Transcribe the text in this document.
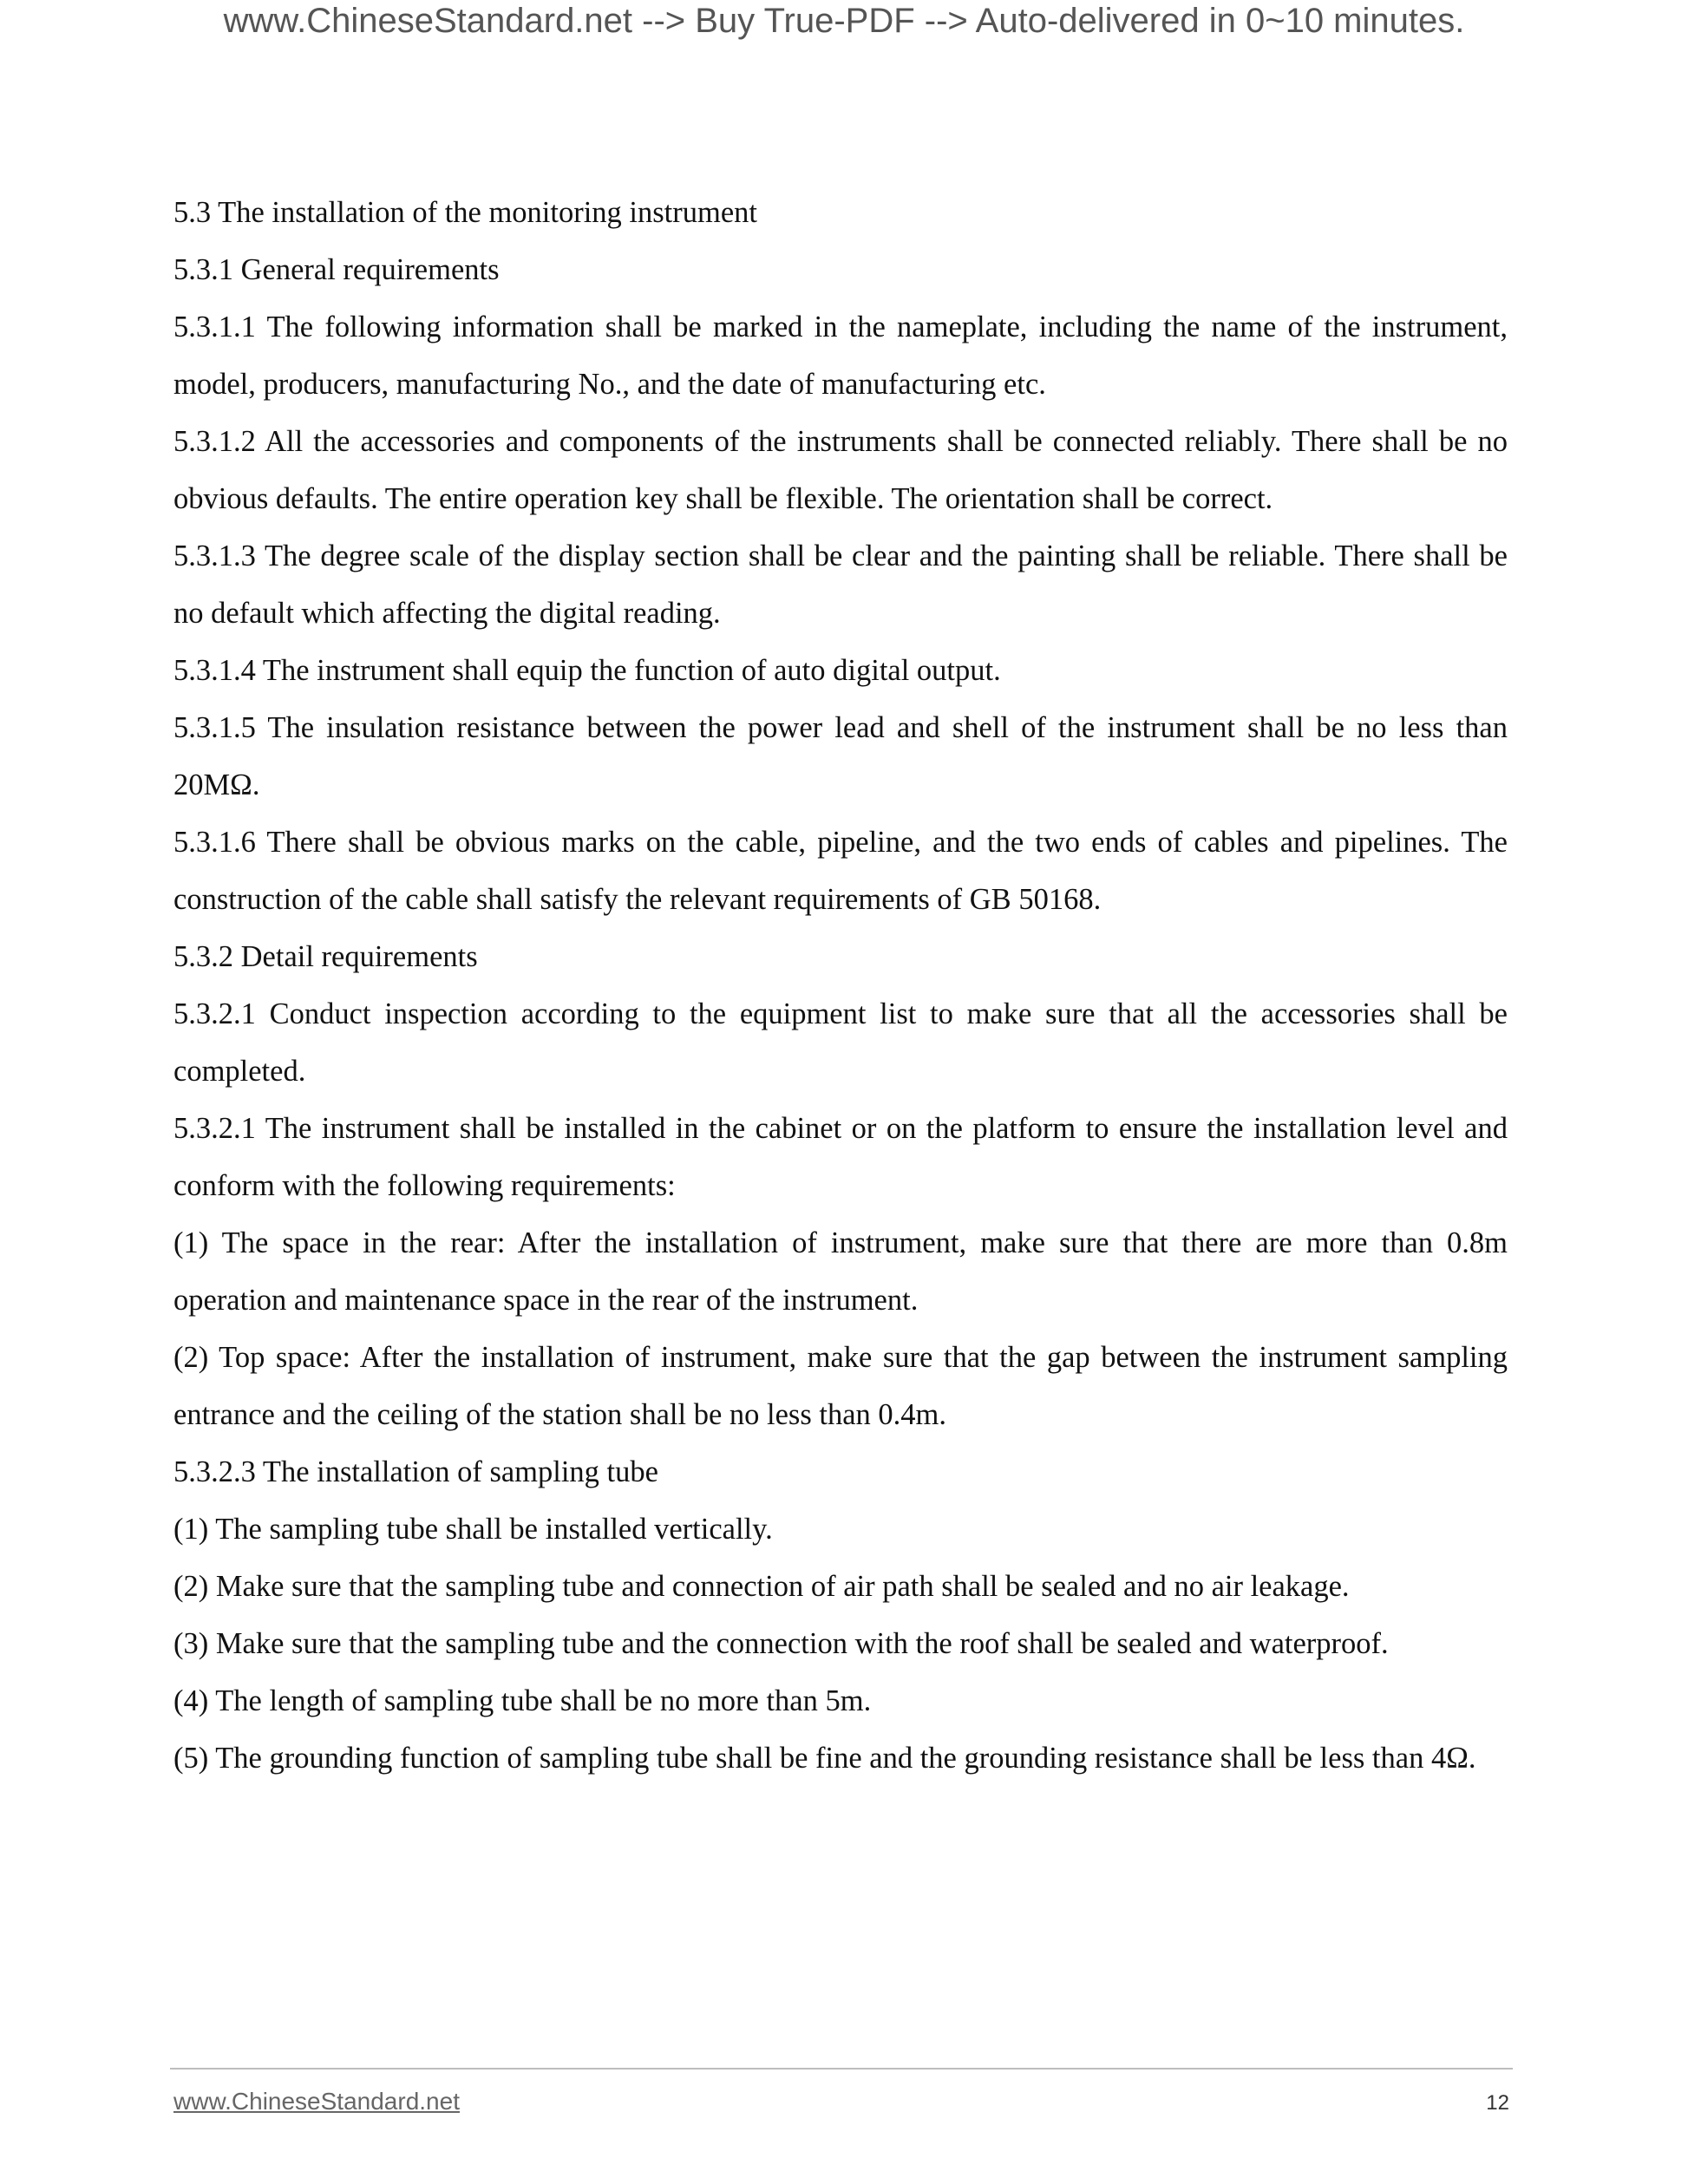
www.ChineseStandard.net --> Buy True-PDF --> Auto-delivered in 0~10 minutes.

5.3 The installation of the monitoring instrument

5.3.1 General requirements

5.3.1.1 The following information shall be marked in the nameplate, including the name of the instrument, model, producers, manufacturing No., and the date of manufacturing etc.

5.3.1.2 All the accessories and components of the instruments shall be connected reliably. There shall be no obvious defaults. The entire operation key shall be flexible. The orientation shall be correct.

5.3.1.3 The degree scale of the display section shall be clear and the painting shall be reliable. There shall be no default which affecting the digital reading.

5.3.1.4 The instrument shall equip the function of auto digital output.

5.3.1.5 The insulation resistance between the power lead and shell of the instrument shall be no less than 20MΩ.

5.3.1.6 There shall be obvious marks on the cable, pipeline, and the two ends of cables and pipelines. The construction of the cable shall satisfy the relevant requirements of GB 50168.

5.3.2 Detail requirements

5.3.2.1 Conduct inspection according to the equipment list to make sure that all the accessories shall be completed.

5.3.2.1 The instrument shall be installed in the cabinet or on the platform to ensure the installation level and conform with the following requirements:

(1) The space in the rear: After the installation of instrument, make sure that there are more than 0.8m operation and maintenance space in the rear of the instrument.

(2) Top space: After the installation of instrument, make sure that the gap between the instrument sampling entrance and the ceiling of the station shall be no less than 0.4m.

5.3.2.3 The installation of sampling tube

(1) The sampling tube shall be installed vertically.

(2) Make sure that the sampling tube and connection of air path shall be sealed and no air leakage.

(3) Make sure that the sampling tube and the connection with the roof shall be sealed and waterproof.

(4) The length of sampling tube shall be no more than 5m.

(5) The grounding function of sampling tube shall be fine and the grounding resistance shall be less than 4Ω.

www.ChineseStandard.net	12
